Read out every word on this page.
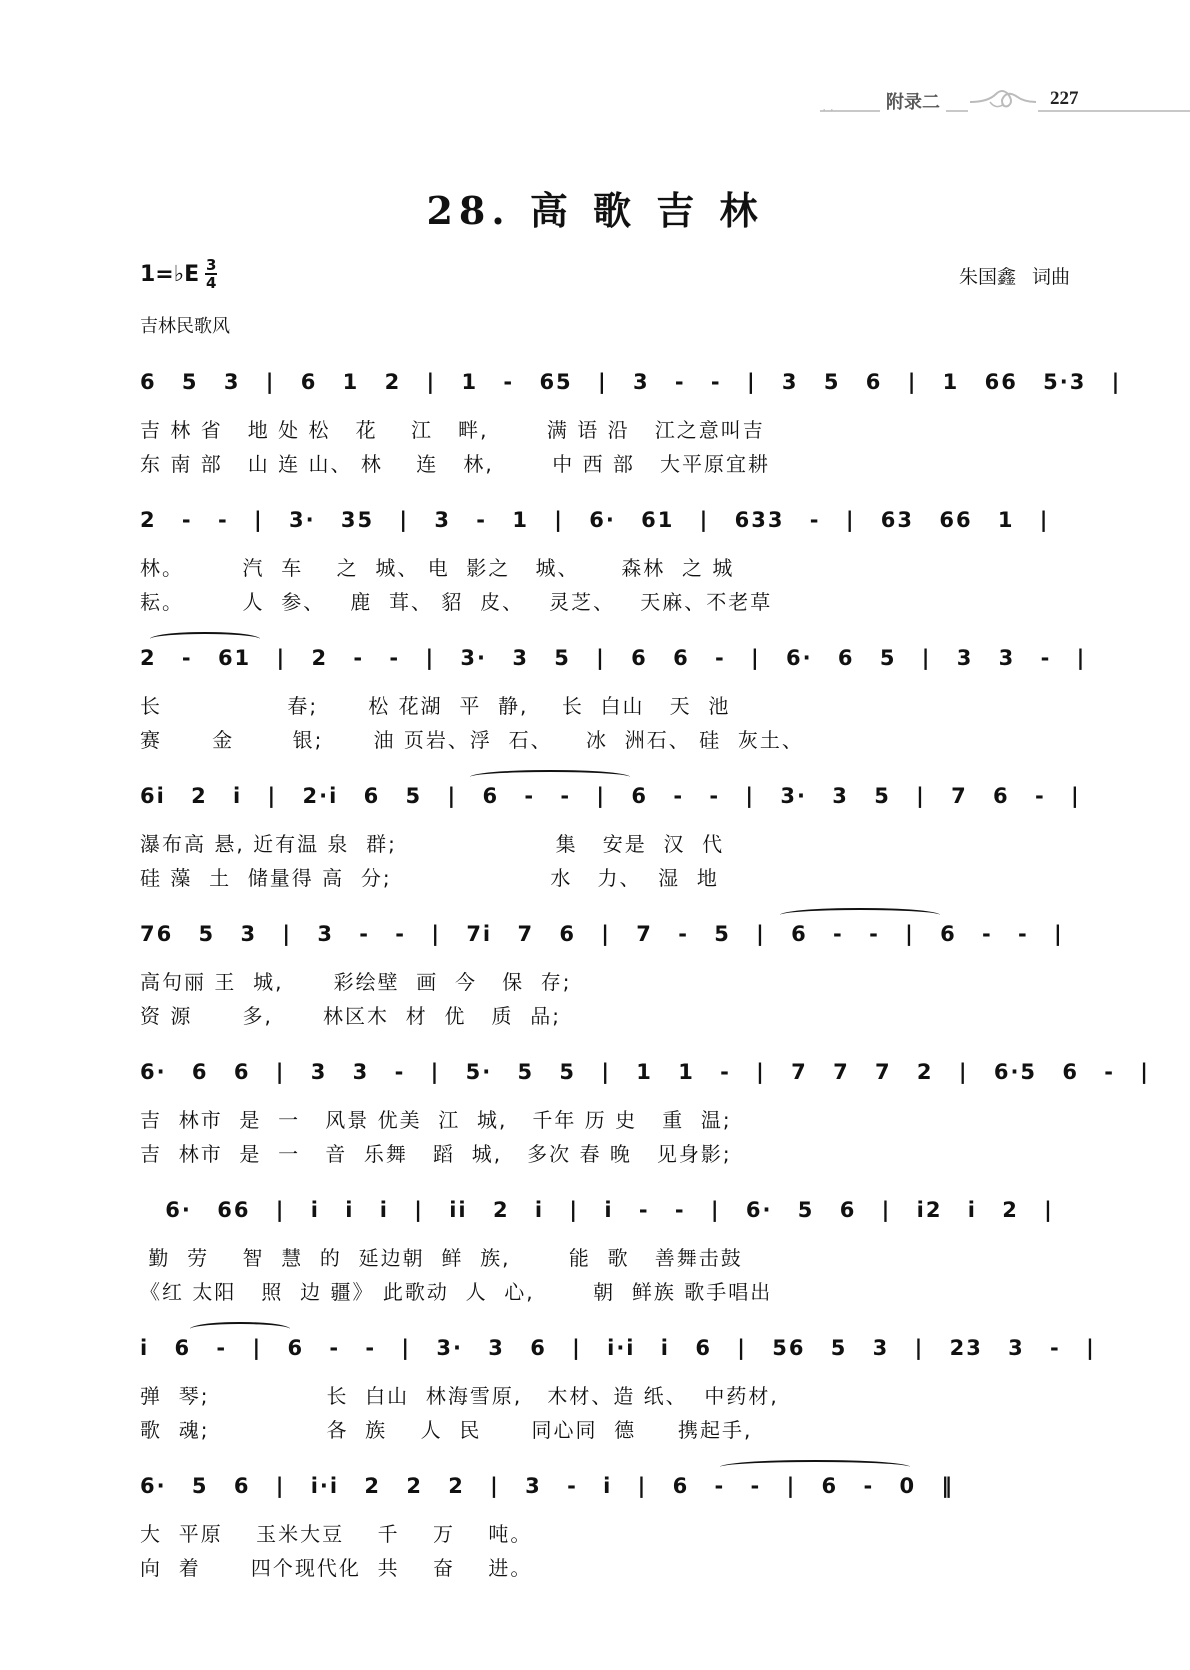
··	附录二	227
28. 高 歌 吉 林
1=♭E $\frac{3}{4}$	朱国鑫 词曲
吉林民歌风
6 5 3 | 6 1 2 | 1 - 65 | 3 - - | 3 5 6 | 1 66 5·3 |
吉 林 省   地 处 松   花    江   畔,       满 语 沿   江之意叫吉
东 南 部   山 连 山、 林    连   林,       中 西 部   大平原宜耕
2 - - | 3· 35 | 3 - 1 | 6· 61 | 633 - | 63 66 1 |
林。       汽  车    之  城、 电  影之   城、     森林  之 城
耘。       人  参、   鹿  茸、 貂  皮、   灵芝、   天麻、不老草
2 - 61 | 2 - - | 3· 3 5 | 6 6 - | 6· 6 5 | 3 3 - |
长               春;      松 花湖  平  静,    长  白山   天  池
赛      金       银;      油 页岩、浮  石、    冰  洲石、 硅  灰土、
6i 2 i | 2·i 6 5 | 6 - - | 6 - - | 3· 3 5 | 7 6 - |
瀑布高 悬, 近有温 泉  群;                   集   安是  汉  代
硅 藻  土  储量得 高  分;                   水   力、  湿  地
76 5 3 | 3 - - | 7i 7 6 | 7 - 5 | 6 - - | 6 - - |
高句丽 王  城,      彩绘壁  画  今   保  存;
资 源      多,      林区木  材  优   质  品;
6· 6 6 | 3 3 - | 5· 5 5 | 1 1 - | 7 7 7 2 | 6·5 6 - |
吉  林市  是  一   风景 优美  江  城,   千年 历 史   重  温;
吉  林市  是  一   音  乐舞   蹈  城,   多次 春 晚   见身影;
6· 66 | i i i | ii 2 i | i - - | 6· 5 6 | i2 i 2 |
勤  劳    智  慧  的  延边朝  鲜  族,       能  歌   善舞击鼓
《红 太阳   照  边 疆》 此歌动  人  心,       朝  鲜族 歌手唱出
i 6 - | 6 - - | 3· 3 6 | i·i i 6 | 56 5 3 | 23 3 - |
弹  琴;              长  白山  林海雪原,   木材、造 纸、  中药材,
歌  魂;              各  族    人  民      同心同  德     携起手,
6· 5 6 | i·i 2 2 2 | 3 - i | 6 - - | 6 - 0 ‖
大  平原    玉米大豆    千    万    吨。
向  着      四个现代化  共    奋    进。
